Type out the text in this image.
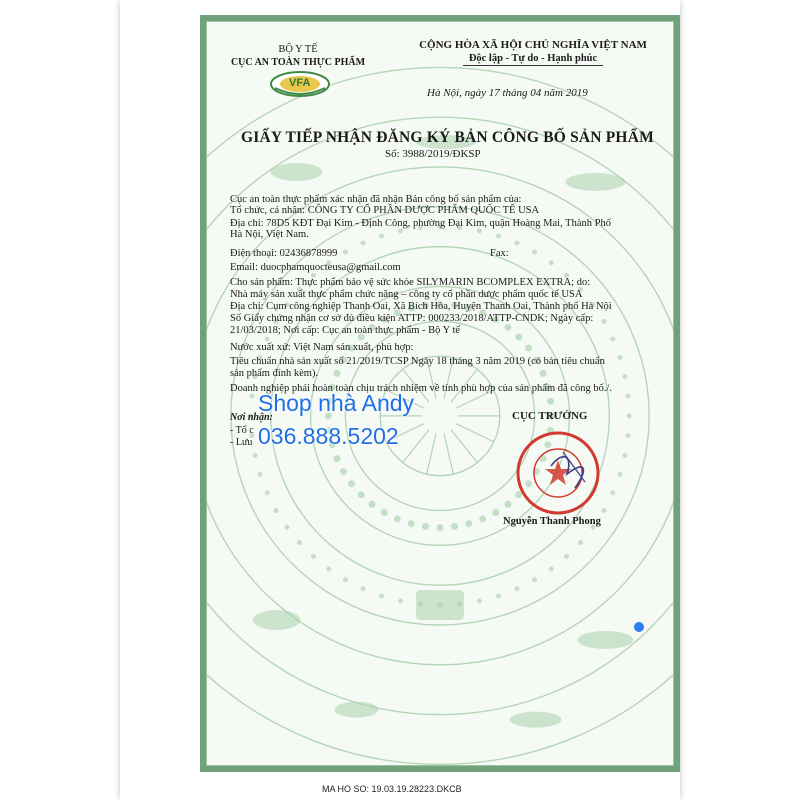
BỘ Y TẾ
CỤC AN TOÀN THỰC PHẨM
VFA
CỘNG HÒA XÃ HỘI CHỦ NGHĨA VIỆT NAM
Độc lập - Tự do - Hạnh phúc
Hà Nội, ngày 17 tháng 04 năm 2019
GIẤY TIẾP NHẬN ĐĂNG KÝ BẢN CÔNG BỐ SẢN PHẨM
Số: 3988/2019/ĐKSP
Cục an toàn thực phẩm xác nhận đã nhận Bản công bố sản phẩm của:
Tổ chức, cá nhân: CÔNG TY CỔ PHẦN DƯỢC PHẨM QUỐC TẾ USA
Địa chỉ: 78D5 KĐT Đại Kim - Định Công, phường Đại Kim, quận Hoàng Mai, Thành Phố
Hà Nội, Việt Nam.
Điện thoại: 02436878999	Fax:
Email: duocphamquocteusa@gmail.com
Cho sản phẩm: Thực phẩm bảo vệ sức khỏe SILYMARIN BCOMPLEX EXTRA; do:
Nhà máy sản xuất thực phẩm chức năng – công ty cổ phần dược phẩm quốc tế USA
Địa chỉ: Cụm công nghiệp Thanh Oai, Xã Bích Hòa, Huyện Thanh Oai, Thành phố Hà Nội
Số Giấy chứng nhận cơ sở đủ điều kiện ATTP: 000233/2018/ATTP-CNDK; Ngày cấp:
21/03/2018; Nơi cấp: Cục an toàn thực phẩm - Bộ Y tế
Nước xuất xứ: Việt Nam sản xuất, phù hợp:
Tiêu chuẩn nhà sản xuất số 21/2019/TCSP Ngày 18 tháng 3 năm 2019 (có bản tiêu chuẩn
sản phẩm đính kèm).
Doanh nghiệp phải hoàn toàn chịu trách nhiệm về tính phù hợp của sản phẩm đã công bố./.
Nơi nhận:
- Tổ c
- Lưu
Shop nhà Andy
036.888.5202
CỤC TRƯỞNG
Nguyễn Thanh Phong
MA HO SO: 19.03.19.28223.DKCB
